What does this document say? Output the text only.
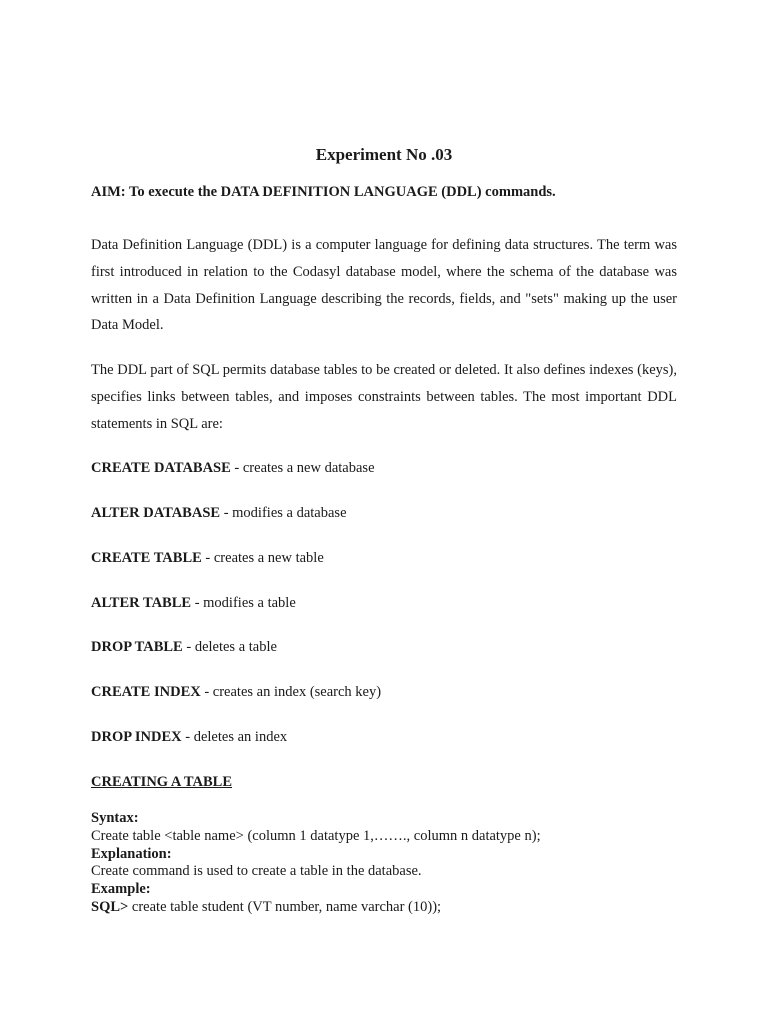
Experiment No .03

AIM: To execute the DATA DEFINITION LANGUAGE (DDL) commands.

Data Definition Language (DDL) is a computer language for defining data structures. The term was first introduced in relation to the Codasyl database model, where the schema of the database was written in a Data Definition Language describing the records, fields, and "sets" making up the user Data Model.

The DDL part of SQL permits database tables to be created or deleted. It also defines indexes (keys), specifies links between tables, and imposes constraints between tables. The most important DDL statements in SQL are:

CREATE DATABASE - creates a new database

ALTER DATABASE - modifies a database

CREATE TABLE - creates a new table

ALTER TABLE - modifies a table

DROP TABLE - deletes a table

CREATE INDEX - creates an index (search key)

DROP INDEX - deletes an index

CREATING A TABLE
Syntax:
Create table <table name> (column 1 datatype 1,……., column n datatype n);
Explanation:
Create command is used to create a table in the database.
Example:
SQL> create table student (VT number, name varchar (10));
